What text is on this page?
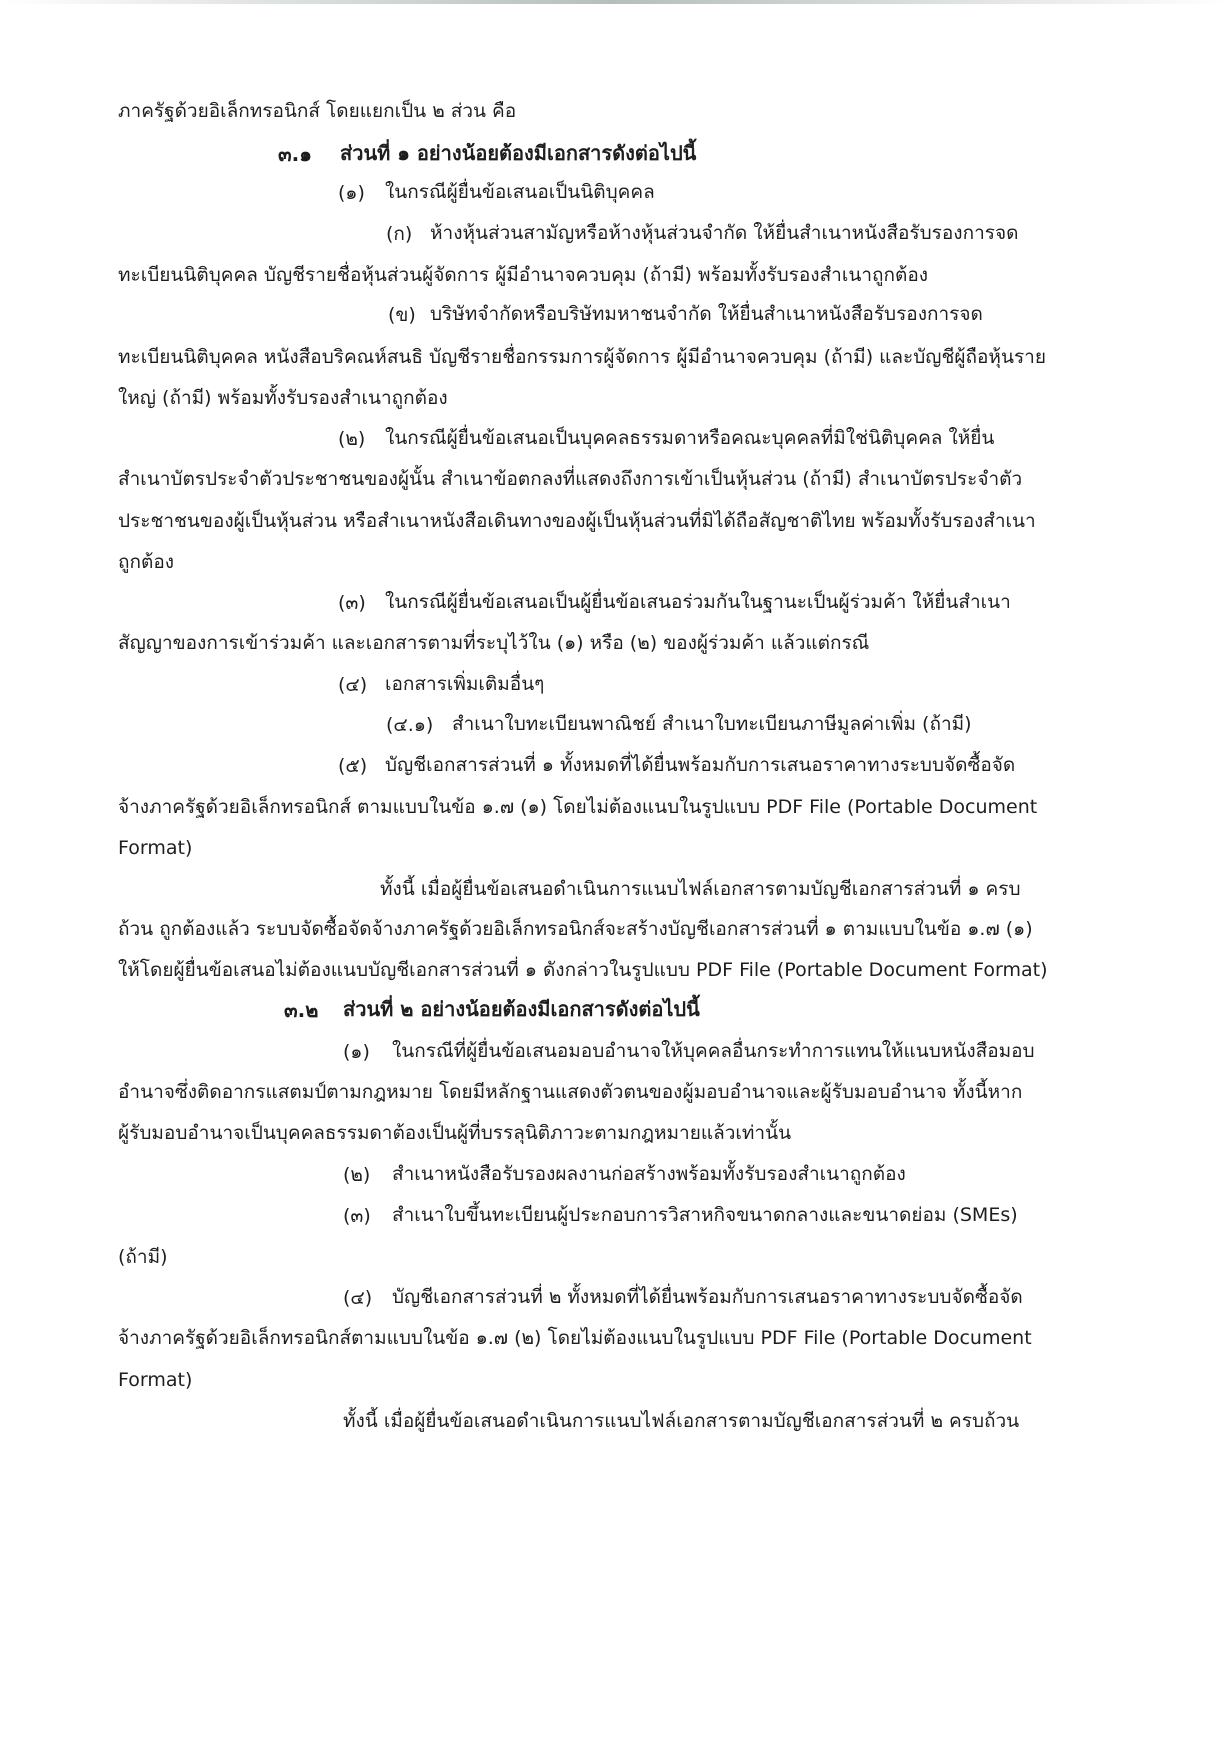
ภาครัฐด้วยอิเล็กทรอนิกส์ โดยแยกเป็น ๒ ส่วน คือ
๓.๑ ส่วนที่ ๑ อย่างน้อยต้องมีเอกสารดังต่อไปนี้
(๑) ในกรณีผู้ยื่นข้อเสนอเป็นนิติบุคคล
(ก) ห้างหุ้นส่วนสามัญหรือห้างหุ้นส่วนจำกัด ให้ยื่นสำเนาหนังสือรับรองการจด
ทะเบียนนิติบุคคล บัญชีรายชื่อหุ้นส่วนผู้จัดการ ผู้มีอำนาจควบคุม (ถ้ามี) พร้อมทั้งรับรองสำเนาถูกต้อง
(ข) บริษัทจำกัดหรือบริษัทมหาชนจำกัด ให้ยื่นสำเนาหนังสือรับรองการจด
ทะเบียนนิติบุคคล หนังสือบริคณห์สนธิ บัญชีรายชื่อกรรมการผู้จัดการ ผู้มีอำนาจควบคุม (ถ้ามี) และบัญชีผู้ถือหุ้นราย
ใหญ่ (ถ้ามี) พร้อมทั้งรับรองสำเนาถูกต้อง
(๒) ในกรณีผู้ยื่นข้อเสนอเป็นบุคคลธรรมดาหรือคณะบุคคลที่มิใช่นิติบุคคล ให้ยื่น
สำเนาบัตรประจำตัวประชาชนของผู้นั้น สำเนาข้อตกลงที่แสดงถึงการเข้าเป็นหุ้นส่วน (ถ้ามี) สำเนาบัตรประจำตัว
ประชาชนของผู้เป็นหุ้นส่วน หรือสำเนาหนังสือเดินทางของผู้เป็นหุ้นส่วนที่มิได้ถือสัญชาติไทย พร้อมทั้งรับรองสำเนา
ถูกต้อง
(๓) ในกรณีผู้ยื่นข้อเสนอเป็นผู้ยื่นข้อเสนอร่วมกันในฐานะเป็นผู้ร่วมค้า ให้ยื่นสำเนา
สัญญาของการเข้าร่วมค้า และเอกสารตามที่ระบุไว้ใน (๑) หรือ (๒) ของผู้ร่วมค้า แล้วแต่กรณี
(๔) เอกสารเพิ่มเติมอื่นๆ
(๔.๑) สำเนาใบทะเบียนพาณิชย์ สำเนาใบทะเบียนภาษีมูลค่าเพิ่ม (ถ้ามี)
(๕) บัญชีเอกสารส่วนที่ ๑ ทั้งหมดที่ได้ยื่นพร้อมกับการเสนอราคาทางระบบจัดซื้อจัด
จ้างภาครัฐด้วยอิเล็กทรอนิกส์ ตามแบบในข้อ ๑.๗ (๑) โดยไม่ต้องแนบในรูปแบบ PDF File (Portable Document
Format)
ทั้งนี้ เมื่อผู้ยื่นข้อเสนอดำเนินการแนบไฟล์เอกสารตามบัญชีเอกสารส่วนที่ ๑ ครบ
ถ้วน ถูกต้องแล้ว ระบบจัดซื้อจัดจ้างภาครัฐด้วยอิเล็กทรอนิกส์จะสร้างบัญชีเอกสารส่วนที่ ๑ ตามแบบในข้อ ๑.๗ (๑)
ให้โดยผู้ยื่นข้อเสนอไม่ต้องแนบบัญชีเอกสารส่วนที่ ๑ ดังกล่าวในรูปแบบ PDF File (Portable Document Format)
๓.๒ ส่วนที่ ๒ อย่างน้อยต้องมีเอกสารดังต่อไปนี้
(๑) ในกรณีที่ผู้ยื่นข้อเสนอมอบอำนาจให้บุคคลอื่นกระทำการแทนให้แนบหนังสือมอบ
อำนาจซึ่งติดอากรแสตมป์ตามกฎหมาย โดยมีหลักฐานแสดงตัวตนของผู้มอบอำนาจและผู้รับมอบอำนาจ ทั้งนี้หาก
ผู้รับมอบอำนาจเป็นบุคคลธรรมดาต้องเป็นผู้ที่บรรลุนิติภาวะตามกฎหมายแล้วเท่านั้น
(๒) สำเนาหนังสือรับรองผลงานก่อสร้างพร้อมทั้งรับรองสำเนาถูกต้อง
(๓) สำเนาใบขึ้นทะเบียนผู้ประกอบการวิสาหกิจขนาดกลางและขนาดย่อม (SMEs)
(ถ้ามี)
(๔) บัญชีเอกสารส่วนที่ ๒ ทั้งหมดที่ได้ยื่นพร้อมกับการเสนอราคาทางระบบจัดซื้อจัด
จ้างภาครัฐด้วยอิเล็กทรอนิกส์ตามแบบในข้อ ๑.๗ (๒) โดยไม่ต้องแนบในรูปแบบ PDF File (Portable Document
Format)
ทั้งนี้ เมื่อผู้ยื่นข้อเสนอดำเนินการแนบไฟล์เอกสารตามบัญชีเอกสารส่วนที่ ๒ ครบถ้วน
